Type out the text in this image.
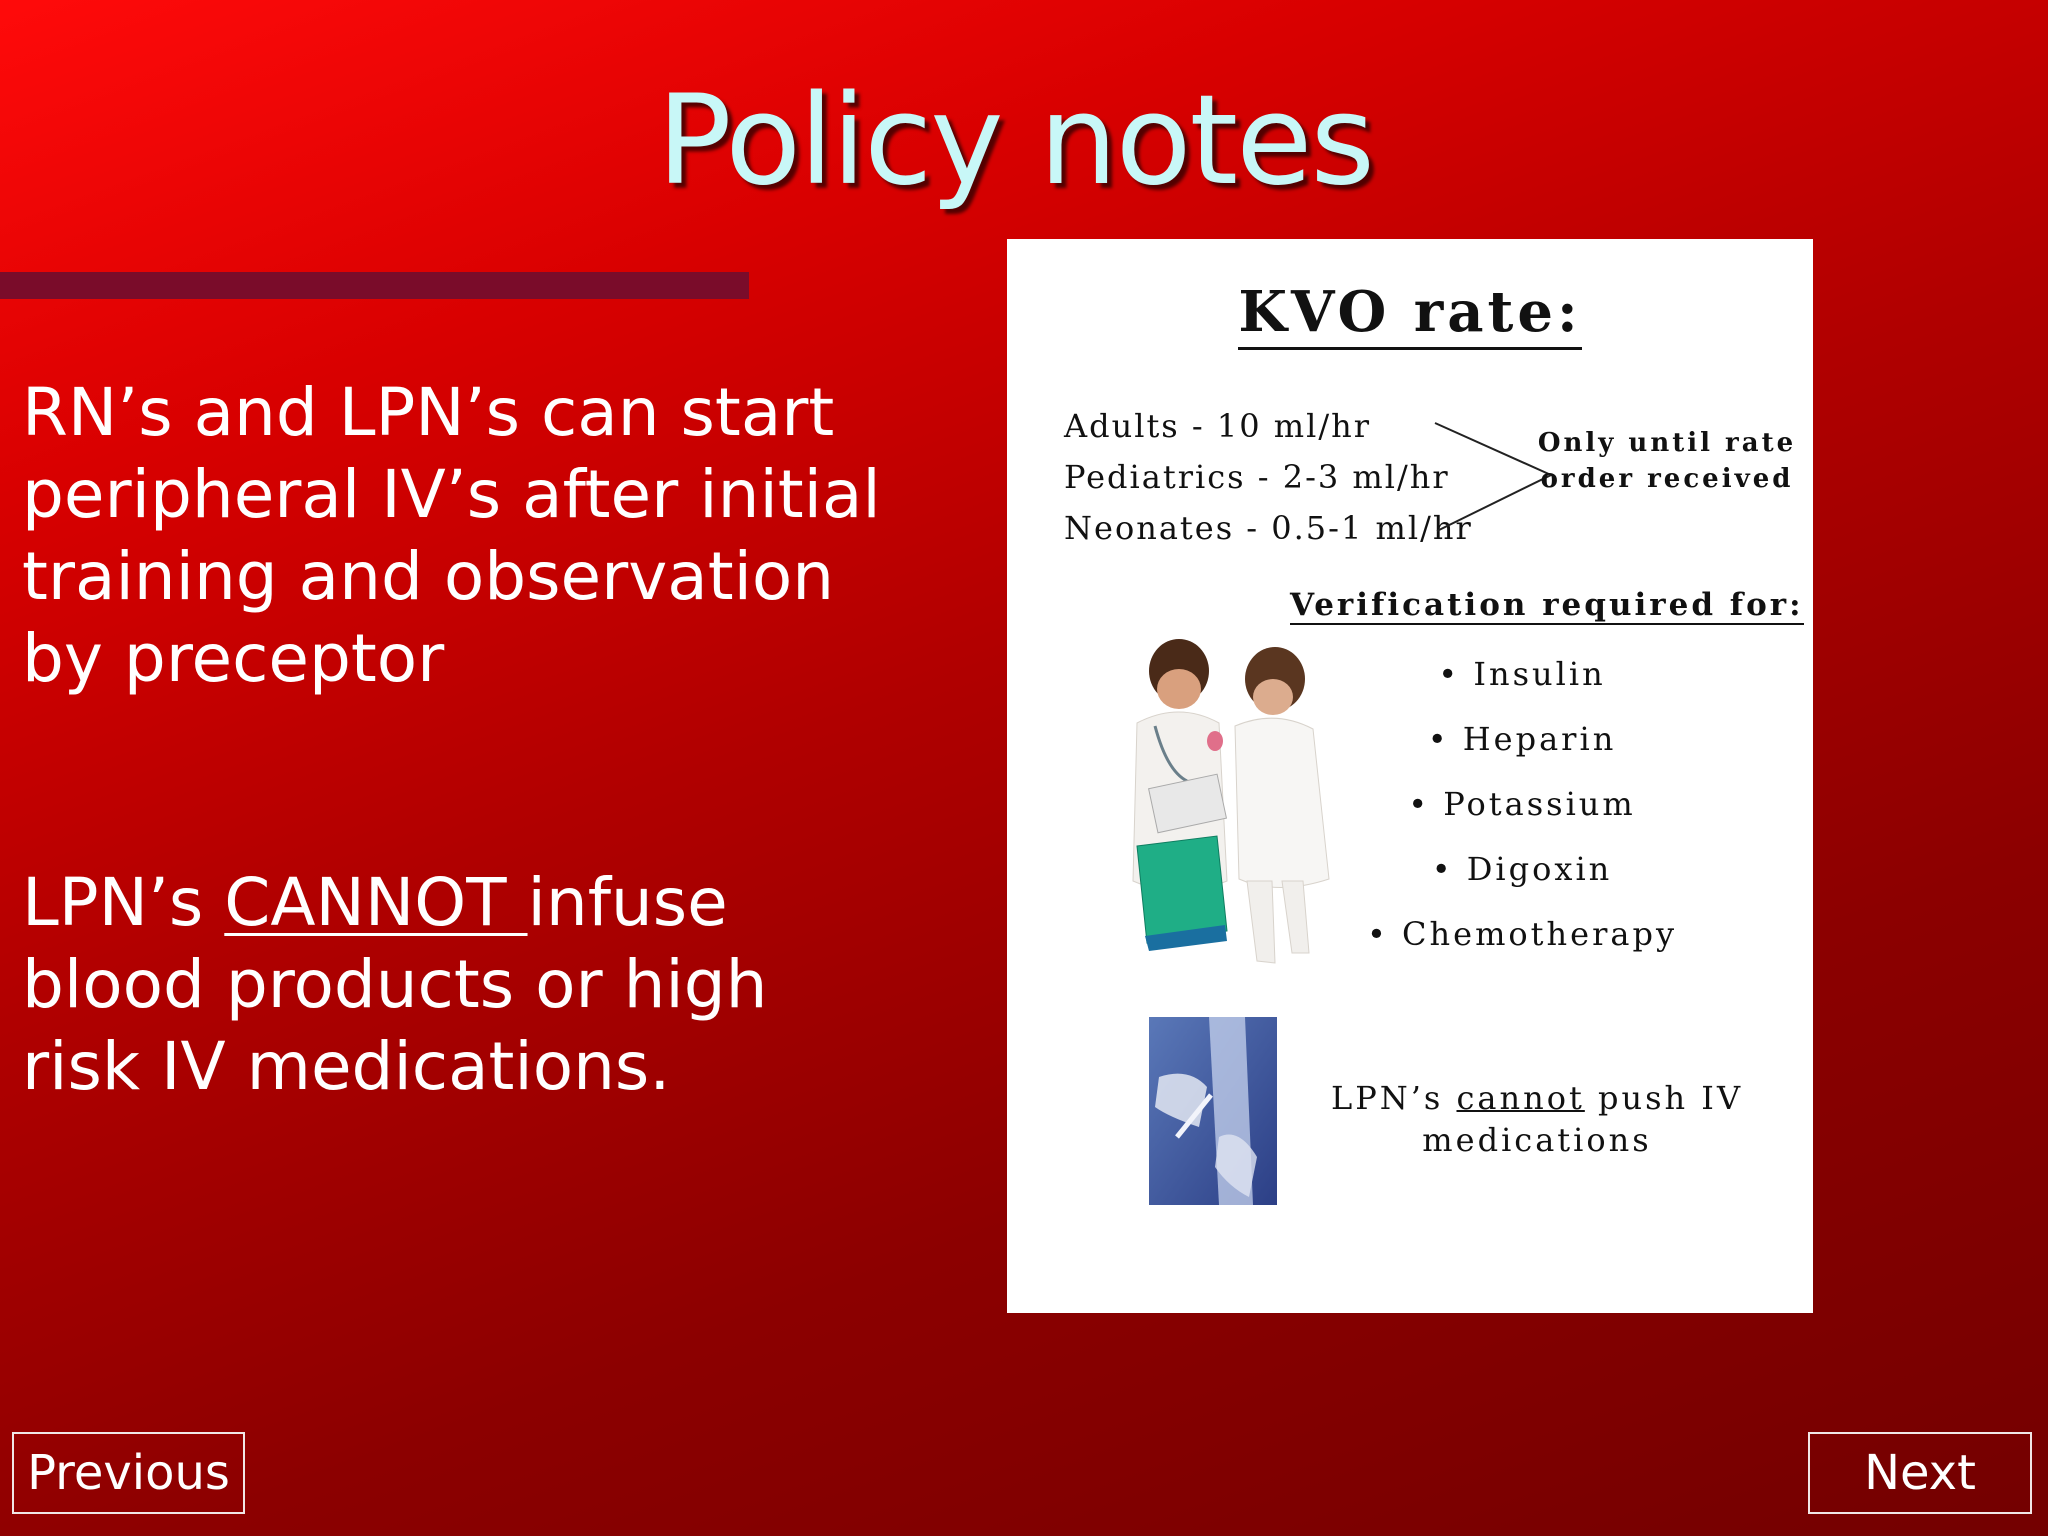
Policy notes

RN’s and LPN’s can start peripheral IV’s after initial training and observation by preceptor

LPN’s CANNOT infuse blood products or high risk IV medications.

KVO rate:
Adults - 10 ml/hr
Pediatrics - 2-3 ml/hr
Neonates - 0.5-1 ml/hr
Only until rate
order received
Verification required for:
• Insulin
• Heparin
• Potassium
• Digoxin
• Chemotherapy
LPN’s cannot push IV
medications
Previous	Next
